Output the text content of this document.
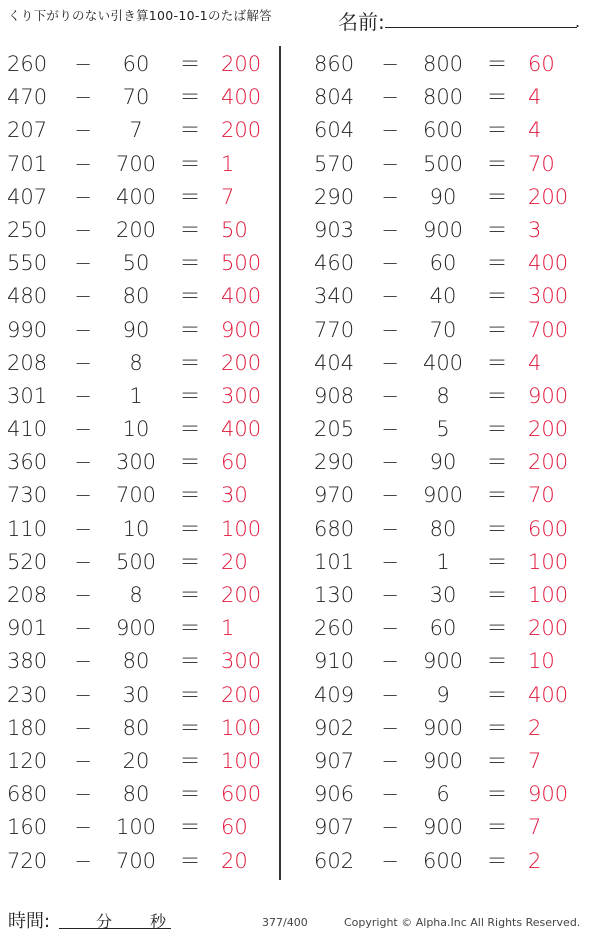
くり下がりのない引き算100-10-1のたば解答	名前:	.
260 −	60	＝ 200
470 −	70	＝ 400
207 −	7	＝ 200
701 −	700	＝ 1
407 −	400	＝ 7
250 −	200	＝ 50
550 −	50	＝ 500
480 −	80	＝ 400
990 −	90	＝ 900
208 −	8	＝ 200
301 −	1	＝ 300
410 −	10	＝ 400
360 −	300	＝ 60
730 −	700	＝ 30
110 −	10	＝ 100
520 −	500	＝ 20
208 −	8	＝ 200
901 −	900	＝ 1
380 −	80	＝ 300
230 −	30	＝ 200
180 −	80	＝ 100
120 −	20	＝ 100
680 −	80	＝ 600
160 −	100	＝ 60
720 −	700	＝ 20
860 −	800	＝ 60
804 −	800	＝ 4
604 −	600	＝ 4
570 −	500	＝ 70
290 −	90	＝ 200
903 −	900	＝ 3
460 −	60	＝ 400
340 −	40	＝ 300
770 −	70	＝ 700
404 −	400	＝ 4
908 −	8	＝ 900
205 −	5	＝ 200
290 −	90	＝ 200
970 −	900	＝ 70
680 −	80	＝ 600
101 −	1	＝ 100
130 −	30	＝ 100
260 −	60	＝ 200
910 −	900	＝ 10
409 −	9	＝ 400
902 −	900	＝ 2
907 −	900	＝ 7
906 −	6	＝ 900
907 −	900	＝ 7
602 −	600	＝ 2
時間:	分 秒	377/400	Copyright © Alpha.Inc All Rights Reserved.
